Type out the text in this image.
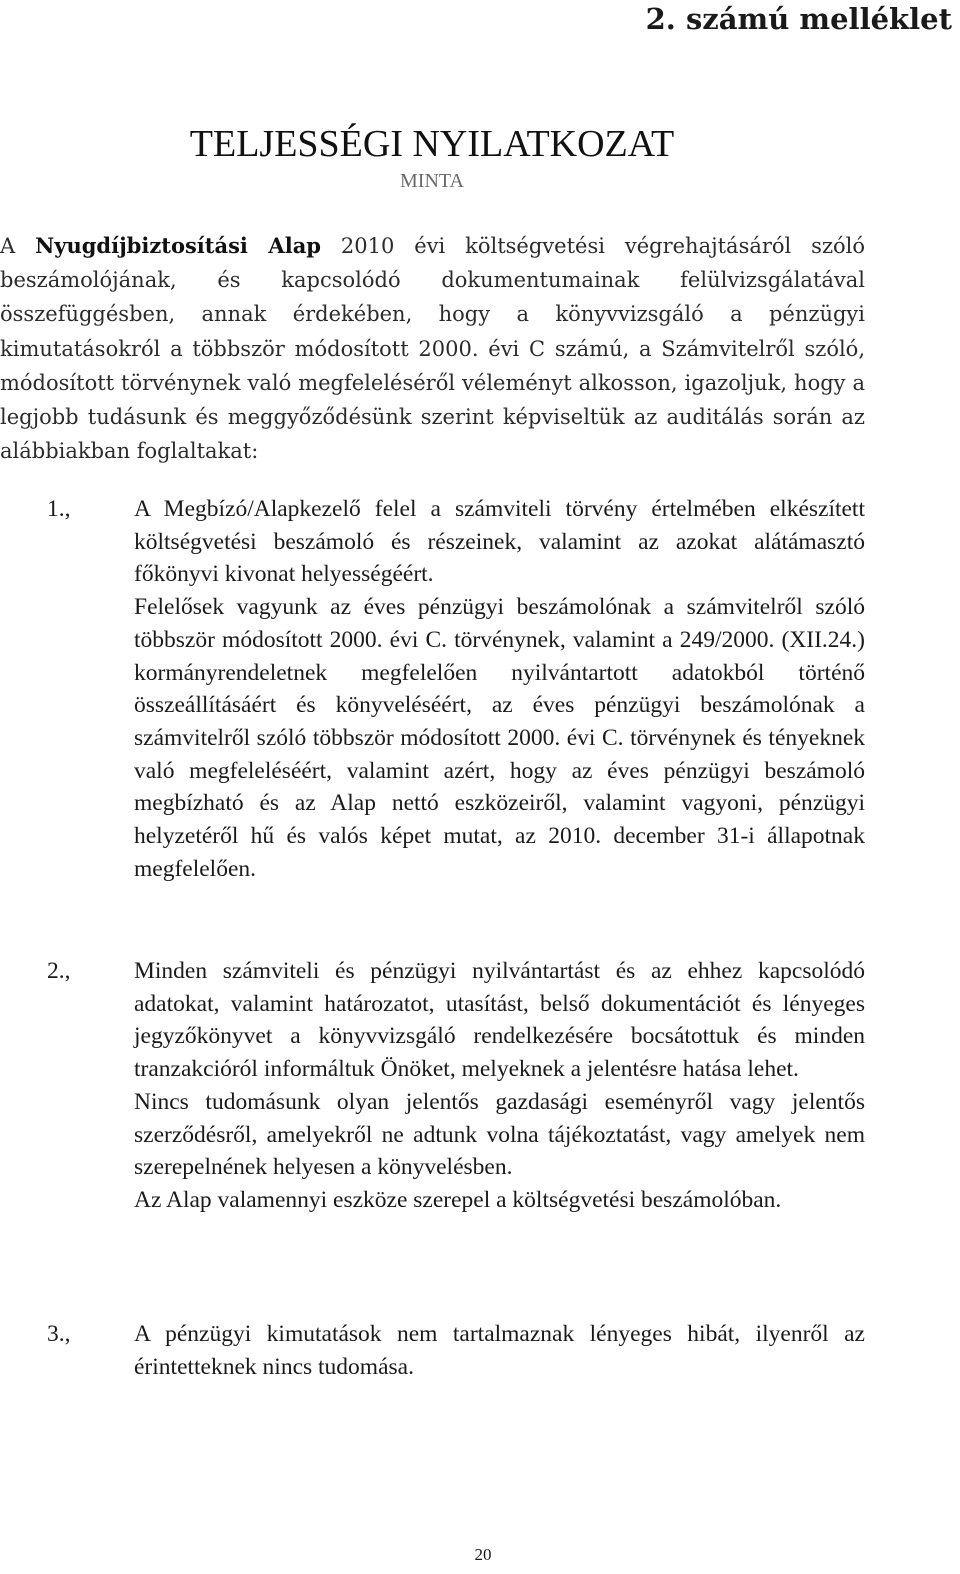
2. számú melléklet

TELJESSÉGI NYILATKOZAT

MINTA

A Nyugdíjbiztosítási Alap 2010 évi költségvetési végrehajtásáról szóló beszámolójának, és kapcsolódó dokumentumainak felülvizsgálatával összefüggésben, annak érdekében, hogy a könyvvizsgáló a pénzügyi kimutatásokról a többször módosított 2000. évi C számú, a Számvitelről szóló, módosított törvénynek való megfeleléséről véleményt alkosson, igazoljuk, hogy a legjobb tudásunk és meggyőződésünk szerint képviseltük az auditálás során az alábbiakban foglaltakat:

1.,	A Megbízó/Alapkezelő felel a számviteli törvény értelmében elkészített költségvetési beszámoló és részeinek, valamint az azokat alátámasztó főkönyvi kivonat helyességéért.

Felelősek vagyunk az éves pénzügyi beszámolónak a számvitelről szóló többször módosított 2000. évi C. törvénynek, valamint a 249/2000. (XII.24.) kormányrendeletnek megfelelően nyilvántartott adatokból történő összeállításáért és könyveléséért, az éves pénzügyi beszámolónak a számvitelről szóló többször módosított 2000. évi C. törvénynek és tényeknek való megfeleléséért, valamint azért, hogy az éves pénzügyi beszámoló megbízható és az Alap nettó eszközeiről, valamint vagyoni, pénzügyi helyzetéről hű és valós képet mutat, az 2010. december 31-i állapotnak megfelelően.

2.,	Minden számviteli és pénzügyi nyilvántartást és az ehhez kapcsolódó adatokat, valamint határozatot, utasítást, belső dokumentációt és lényeges jegyzőkönyvet a könyvvizsgáló rendelkezésére bocsátottuk és minden tranzakcióról informáltuk Önöket, melyeknek a jelentésre hatása lehet.

Nincs tudomásunk olyan jelentős gazdasági eseményről vagy jelentős szerződésről, amelyekről ne adtunk volna tájékoztatást, vagy amelyek nem szerepelnének helyesen a könyvelésben.

Az Alap valamennyi eszköze szerepel a költségvetési beszámolóban.

3.,	A pénzügyi kimutatások nem tartalmaznak lényeges hibát, ilyenről az érintetteknek nincs tudomása.

20
